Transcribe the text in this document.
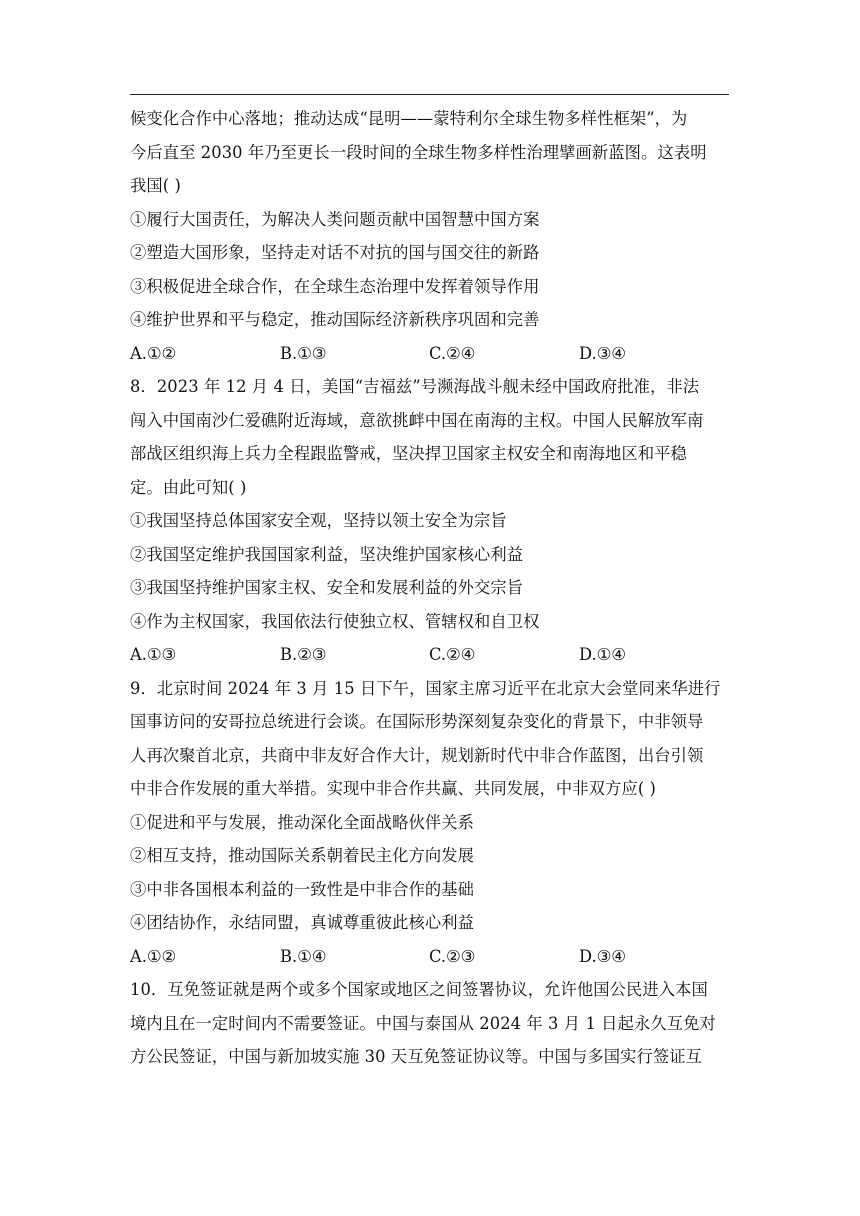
候变化合作中心落地；推动达成“昆明——蒙特利尔全球生物多样性框架”，为
今后直至 2030 年乃至更长一段时间的全球生物多样性治理擘画新蓝图。这表明
我国( )
①履行大国责任，为解决人类问题贡献中国智慧中国方案
②塑造大国形象，坚持走对话不对抗的国与国交往的新路
③积极促进全球合作，在全球生态治理中发挥着领导作用
④维护世界和平与稳定，推动国际经济新秩序巩固和完善
A.①②	B.①③	C.②④	D.③④
8．2023 年 12 月 4 日，美国“吉福兹”号濒海战斗舰未经中国政府批准，非法
闯入中国南沙仁爱礁附近海域，意欲挑衅中国在南海的主权。中国人民解放军南
部战区组织海上兵力全程跟监警戒，坚决捍卫国家主权安全和南海地区和平稳
定。由此可知( )
①我国坚持总体国家安全观，坚持以领土安全为宗旨
②我国坚定维护我国国家利益，坚决维护国家核心利益
③我国坚持维护国家主权、安全和发展利益的外交宗旨
④作为主权国家，我国依法行使独立权、管辖权和自卫权
A.①③	B.②③	C.②④	D.①④
9．北京时间 2024 年 3 月 15 日下午，国家主席习近平在北京大会堂同来华进行
国事访问的安哥拉总统进行会谈。在国际形势深刻复杂变化的背景下，中非领导
人再次聚首北京，共商中非友好合作大计，规划新时代中非合作蓝图，出台引领
中非合作发展的重大举措。实现中非合作共赢、共同发展，中非双方应( )
①促进和平与发展，推动深化全面战略伙伴关系
②相互支持，推动国际关系朝着民主化方向发展
③中非各国根本利益的一致性是中非合作的基础
④团结协作，永结同盟，真诚尊重彼此核心利益
A.①②	B.①④	C.②③	D.③④
10．互免签证就是两个或多个国家或地区之间签署协议，允许他国公民进入本国
境内且在一定时间内不需要签证。中国与泰国从 2024 年 3 月 1 日起永久互免对
方公民签证，中国与新加坡实施 30 天互免签证协议等。中国与多国实行签证互
